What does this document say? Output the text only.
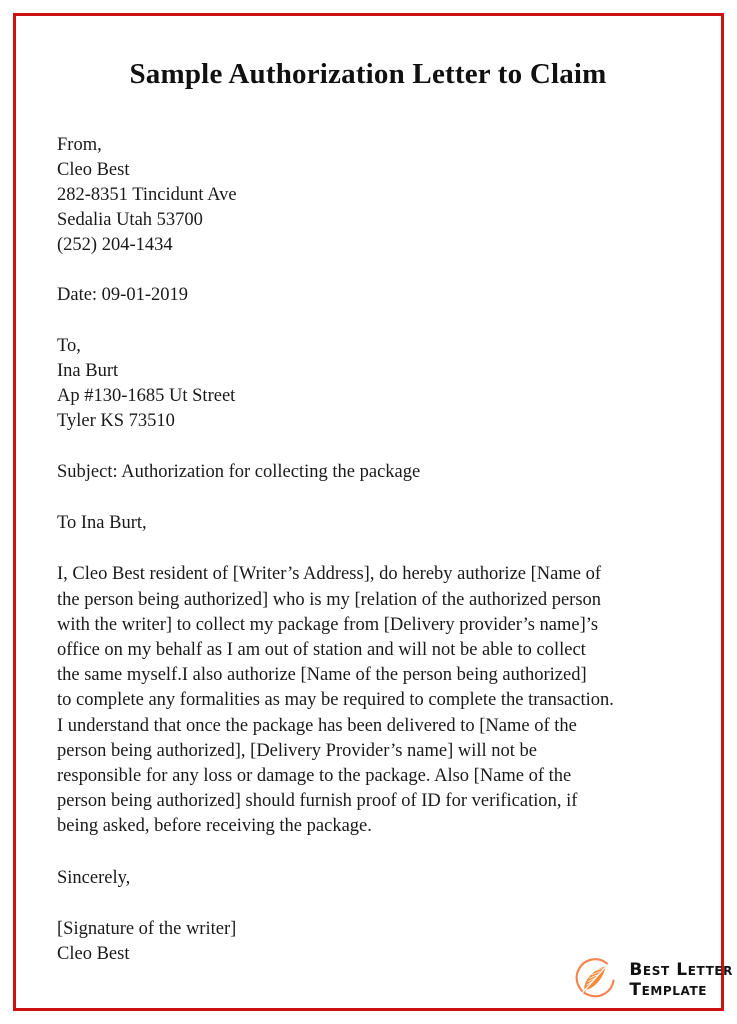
Sample Authorization Letter to Claim
From,
Cleo Best
282-8351 Tincidunt Ave
Sedalia Utah 53700
(252) 204-1434
Date: 09-01-2019
To,
Ina Burt
Ap #130-1685 Ut Street
Tyler KS 73510
Subject: Authorization for collecting the package
To Ina Burt,
I, Cleo Best resident of [Writer’s Address], do hereby authorize [Name of
the person being authorized] who is my [relation of the authorized person
with the writer] to collect my package from [Delivery provider’s name]’s
office on my behalf as I am out of station and will not be able to collect
the same myself.I also authorize [Name of the person being authorized]
to complete any formalities as may be required to complete the transaction.
I understand that once the package has been delivered to [Name of the
person being authorized], [Delivery Provider’s name] will not be
responsible for any loss or damage to the package. Also [Name of the
person being authorized] should furnish proof of ID for verification, if
being asked, before receiving the package.
Sincerely,
[Signature of the writer]
Cleo Best
Best Letter
Template
